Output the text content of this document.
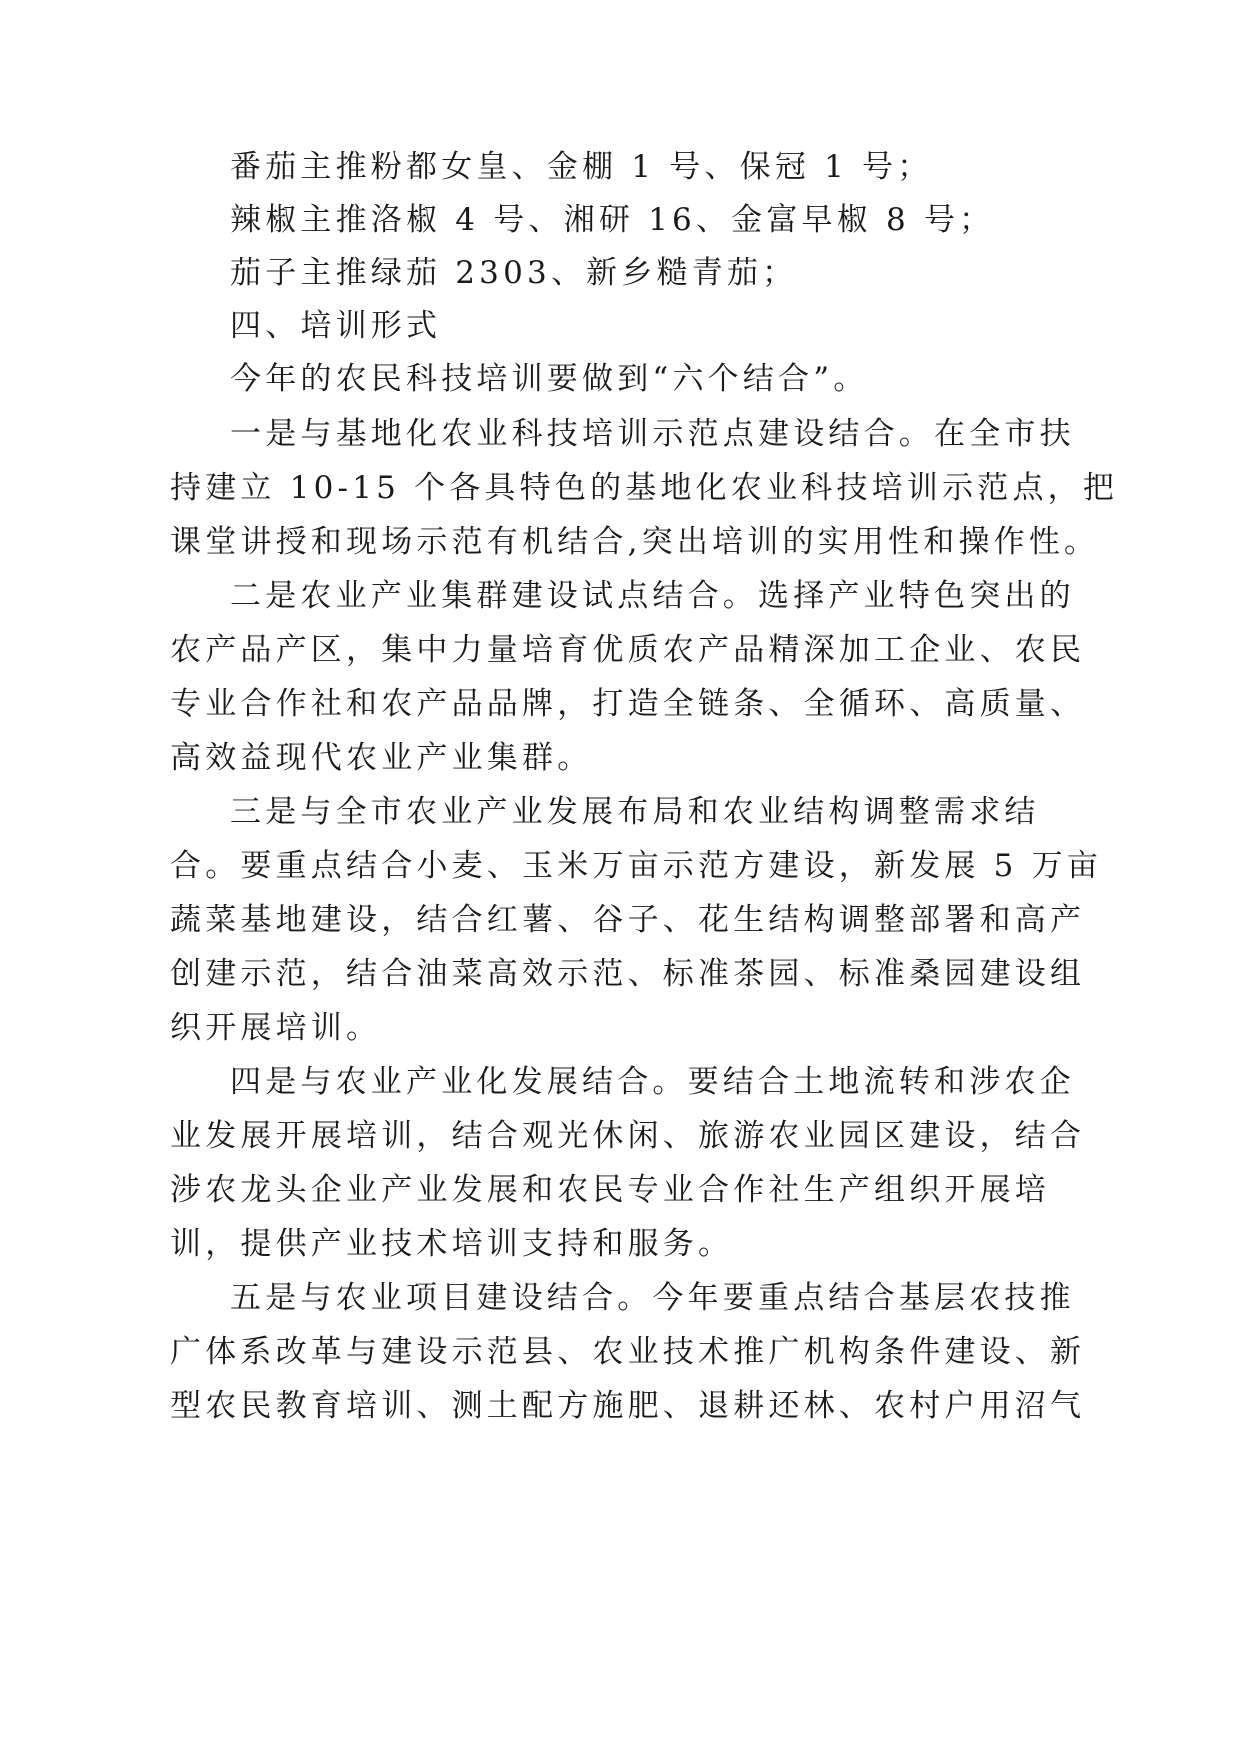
番茄主推粉都女皇、金棚 1 号、保冠 1 号；
辣椒主推洛椒 4 号、湘研 16、金富早椒 8 号；
茄子主推绿茄 2303、新乡糙青茄；
四、培训形式
今年的农民科技培训要做到“六个结合”。
一是与基地化农业科技培训示范点建设结合。在全市扶
持建立 10-15 个各具特色的基地化农业科技培训示范点，把
课堂讲授和现场示范有机结合,突出培训的实用性和操作性。
二是农业产业集群建设试点结合。选择产业特色突出的
农产品产区，集中力量培育优质农产品精深加工企业、农民
专业合作社和农产品品牌，打造全链条、全循环、高质量、
高效益现代农业产业集群。
三是与全市农业产业发展布局和农业结构调整需求结
合。要重点结合小麦、玉米万亩示范方建设，新发展 5 万亩
蔬菜基地建设，结合红薯、谷子、花生结构调整部署和高产
创建示范，结合油菜高效示范、标准茶园、标准桑园建设组
织开展培训。
四是与农业产业化发展结合。要结合土地流转和涉农企
业发展开展培训，结合观光休闲、旅游农业园区建设，结合
涉农龙头企业产业发展和农民专业合作社生产组织开展培
训，提供产业技术培训支持和服务。
五是与农业项目建设结合。今年要重点结合基层农技推
广体系改革与建设示范县、农业技术推广机构条件建设、新
型农民教育培训、测土配方施肥、退耕还林、农村户用沼气
